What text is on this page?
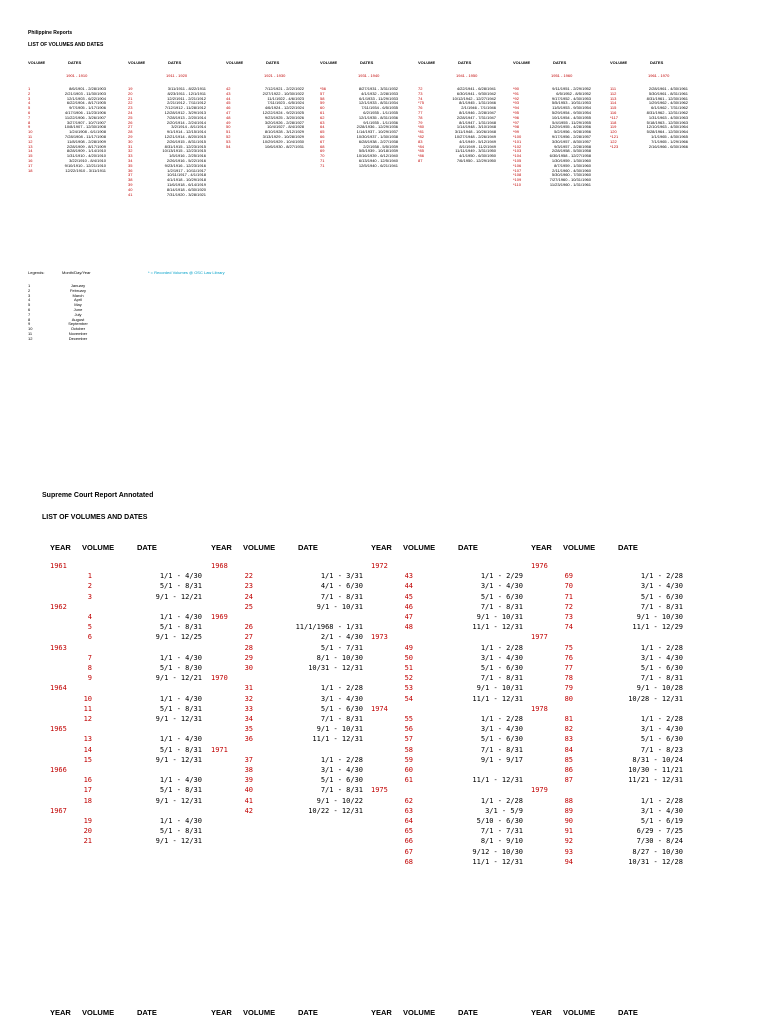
Philippine Reports
LIST OF VOLUMES AND DATES
VOLUME	DATES	VOLUME	DATES	VOLUME	DATES	VOLUME	DATES	VOLUME	DATES	VOLUME	DATES	VOLUME	DATES
1901 - 1910	1911 - 1920	1921 - 1930	1931 - 1940	1941 - 1950	1951 - 1960	1961 - 1970
1	8/6/1901 - 2/28/1903
2	2/21/1903 - 11/30/1903
3	12/1/1903 - 6/22/1904
4	6/22/1904 - 8/17/1905
5	9/7/1905 - 1/17/1906
6	4/17/1906 - 11/23/1906
7	11/22/1906 - 3/26/1907
8	3/27/1907 - 10/7/1907
9	10/8/1907 - 12/30/1908
10	1/24/1908 - 6/1/1908
11	7/28/1908 - 11/17/1908
12	11/8/1908 - 2/28/1909
13	2/28/1909 - 8/17/1909
14	8/28/1909 - 1/14/1910
15	1/31/1910 - 4/20/1910
16	3/22/1910 - 8/4/1910
17	9/10/1910 - 12/21/1910
18	12/22/1910 - 3/11/1911
19	3/11/1911 - 8/22/1911
20	8/23/1911 - 12/1/1911
21	12/2/1911 - 2/21/1912
22	2/21/1912 - 7/11/1912
23	7/12/1912 - 11/28/1912
24	12/28/1912 - 3/29/1913
25	7/28/1913 - 2/20/1914
26	2/20/1914 - 2/24/1914
27	3/2/1914 - 8/1/1914
28	9/1/1914 - 12/15/1914
29	12/21/1914 - 8/20/1915
30	2/26/1915 - 8/31/1915
31	8/31/1915 - 12/23/1915
32	10/13/1915 - 12/23/1915
33	1/5/1916 - 2/25/1916
34	2/26/1916 - 5/22/1916
35	9/23/1916 - 12/23/1916
36	1/2/1917 - 10/11/1917
37	10/11/1917 - 4/1/1918
38	4/1/1918 - 10/29/1918
39	11/6/1918 - 6/14/1919
40	8/14/1918 - 6/30/1920
41	7/31/1920 - 3/28/1921
42	7/12/1921 - 2/22/1922
43	2/27/1922 - 10/30/1922
44	11/1/1922 - 4/6/1923
45	7/11/1923 - 6/5/1924
46	4/6/1924 - 12/22/1924
47	12/22/1924 - 9/22/1925
48	9/23/1925 - 3/20/1926
49	3/20/1926 - 2/28/1927
50	10/4/1927 - 8/4/1928
51	8/10/1928 - 3/12/1929
52	3/13/1929 - 10/28/1929
53	10/29/1929 - 10/4/1930
54	10/6/1930 - 8/27/1931
*56	8/27/1931 - 3/31/1932
57	4/1/1932 - 2/28/1933
58	6/1/1933 - 11/29/1933
59	12/1/1933 - 8/31/1934
60	7/11/1934 - 6/5/1935
61	6/2/1935 - 1/1/1935
62	12/1/1935 - 8/31/1936
63	9/1/1935 - 1/1/1936
64	2/28/1936 - 12/29/1936
65	1/14/1937 - 10/29/1937
66	10/30/1937 - 1/30/1938
67	6/28/1938 - 2/27/1938
68	2/2/1938 - 5/5/1939
69	5/5/1939 - 10/18/1939
70	10/16/1939 - 6/12/1940
71	6/13/1940 - 12/5/1940
71	12/5/1940 - 6/21/1941
72	4/22/1941 - 6/28/1941
73	6/30/1941 - 9/30/1942
74	10/12/1942 - 12/27/1942
*75	8/1/1945 - 1/31/1946
76	2/1/1946 - 7/1/1946
77	8/1/1946 - 2/28/1947
78	2/28/1947 - 7/31/1947
79	8/1/1947 - 1/31/1948
*80	1/14/1948 - 3/10/1948
*81	3/11/1948 - 10/26/1948
*82	10/27/1948 - 2/26/1949
83	4/1/1949 - 5/12/1949
*84	8/1/1949 - 11/2/1949
*85	11/11/1949 - 3/31/1950
*86	4/1/1950 - 6/30/1950
87	7/6/1950 - 12/29/1950
*90	9/11/1951 - 2/29/1952
*91	6/5/1952 - 8/5/1952
*92	9/17/1952 - 4/30/1953
*93	5/5/1953 - 10/31/1953
*94	11/5/1953 - 9/30/1954
*95	5/29/1954 - 9/30/1954
*96	10/1/1954 - 4/30/1955
*97	5/4/1955 - 11/29/1955
*98	12/29/1955 - 4/28/1956
*99	5/2/1956 - 9/28/1956
*100	9/17/1956 - 2/28/1957
*101	3/30/1957 - 8/30/1957
*102	9/3/1957 - 2/28/1958
*103	2/28/1958 - 5/30/1958
*104	6/30/1958 - 12/27/1958
*105	1/30/1959 - 1/30/1960
*106	8/7/1959 - 1/30/1960
*107	2/11/1960 - 4/30/1960
*108	5/30/1960 - 7/30/1960
*109	7/27/1960 - 10/31/1960
*110	11/23/1960 - 1/31/1961
111	2/28/1961 - 4/30/1961
112	5/30/1961 - 8/31/1961
113	8/31/1961 - 12/30/1961
114	1/29/1962 - 4/30/1962
115	6/1/1962 - 7/31/1962
116	8/31/1962 - 12/31/1962
*117	1/31/1963 - 4/30/1963
118	5/18/1963 - 12/30/1963
119	12/10/1963 - 4/30/1964
120	5/28/1964 - 12/30/1964
*121	1/1/1965 - 4/30/1965
122	7/1/1965 - 1/29/1966
*123	2/16/1966 - 6/30/1966
Legends:	Month/Day/Year	* = Recorded Volumes @ OSC Law Library
1	January
2	February
3	March
4	April
5	May
6	June
7	July
8	August
9	September
10	October
11	November
12	December
Supreme Court Report Annotated
LIST OF VOLUMES AND DATES
YEAR VOLUME	DATE
1961
1	1/1 - 4/30
2	5/1 - 8/31
3	9/1 - 12/21
1962
4	1/1 - 4/30
5	5/1 - 8/31
6	9/1 - 12/25
1963
7	1/1 - 4/30
8	5/1 - 8/30
9	9/1 - 12/21
1964
10	1/1 - 4/30
11	5/1 - 8/31
12	9/1 - 12/31
1965
13	1/1 - 4/30
14	5/1 - 8/31
15	9/1 - 12/31
1966
16	1/1 - 4/30
17	5/1 - 8/31
18	9/1 - 12/31
1967
19	1/1 - 4/30
20	5/1 - 8/31
21	9/1 - 12/31
YEAR VOLUME	DATE
1968
22	1/1 - 3/31
23	4/1 - 6/30
24	7/1 - 8/31
25	9/1 - 10/31
1969
26	11/1/1968 - 1/31
27	2/1 - 4/30
28	5/1 - 7/31
29	8/1 - 10/30
30	10/31 - 12/31
1970
31	1/1 - 2/28
32	3/1 - 4/30
33	5/1 - 6/30
34	7/1 - 8/31
35	9/1 - 10/31
36	11/1 - 12/31
1971
37	1/1 - 2/28
38	3/1 - 4/30
39	5/1 - 6/30
40	7/1 - 8/31
41	9/1 - 10/22
42	10/22 - 12/31
YEAR VOLUME	DATE
1972
43	1/1 - 2/29
44	3/1 - 4/30
45	5/1 - 6/30
46	7/1 - 8/31
47	9/1 - 10/31
48	11/1 - 12/31
1973
49	1/1 - 2/28
50	3/1 - 4/30
51	5/1 - 6/30
52	7/1 - 8/31
53	9/1 - 10/31
54	11/1 - 12/31
1974
55	1/1 - 2/28
56	3/1 - 4/30
57	5/1 - 6/30
58	7/1 - 8/31
59	9/1 - 9/17
60
61	11/1 - 12/31
1975
62	1/1 - 2/28
63	3/1 - 5/9
64	5/10 - 6/30
65	7/1 - 7/31
66	8/1 - 9/10
67	9/12 - 10/30
68	11/1 - 12/31
YEAR VOLUME	DATE
1976
69	1/1 - 2/28
70	3/1 - 4/30
71	5/1 - 6/30
72	7/1 - 8/31
73	9/1 - 10/30
74	11/1 - 12/29
1977
75	1/1 - 2/28
76	3/1 - 4/30
77	5/1 - 6/30
78	7/1 - 8/31
79	9/1 - 10/28
80	10/28 - 12/31
1978
81	1/1 - 2/28
82	3/1 - 4/30
83	5/1 - 6/30
84	7/1 - 8/23
85	8/31 - 10/24
86	10/30 - 11/21
87	11/21 - 12/31
1979
88	1/1 - 2/28
89	3/1 - 4/30
90	5/1 - 6/19
91	6/29 - 7/25
92	7/30 - 8/24
93	8/27 - 10/30
94	10/31 - 12/28
YEAR VOLUME	DATE	YEAR VOLUME	DATE	YEAR VOLUME	DATE	YEAR VOLUME	DATE
